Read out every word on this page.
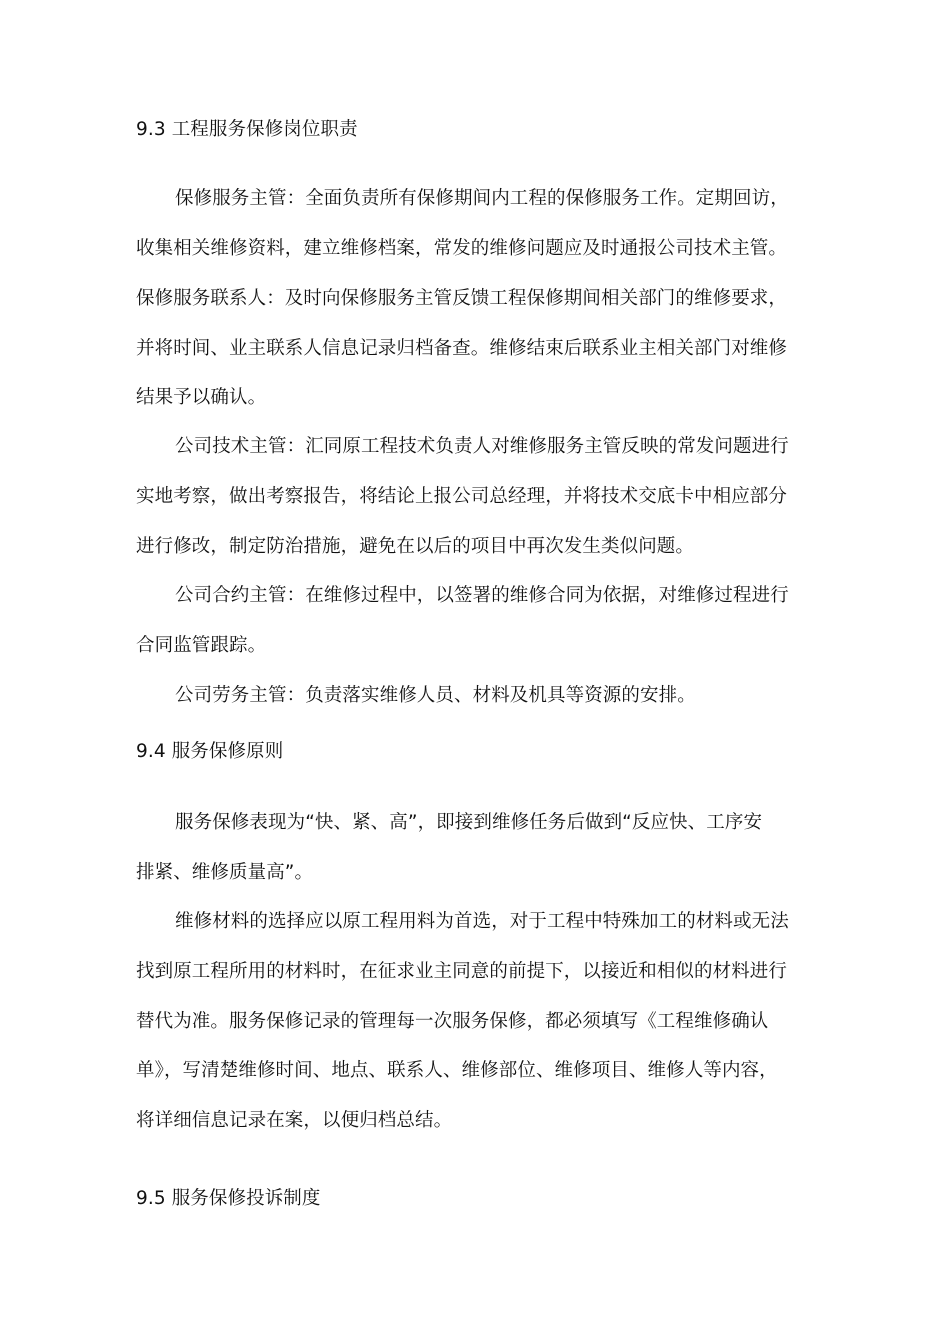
9.3 工程服务保修岗位职责
保修服务主管：全面负责所有保修期间内工程的保修服务工作。定期回访，
收集相关维修资料，建立维修档案，常发的维修问题应及时通报公司技术主管。
保修服务联系人：及时向保修服务主管反馈工程保修期间相关部门的维修要求，
并将时间、业主联系人信息记录归档备查。维修结束后联系业主相关部门对维修
结果予以确认。
公司技术主管：汇同原工程技术负责人对维修服务主管反映的常发问题进行
实地考察，做出考察报告，将结论上报公司总经理，并将技术交底卡中相应部分
进行修改，制定防治措施，避免在以后的项目中再次发生类似问题。
公司合约主管：在维修过程中，以签署的维修合同为依据，对维修过程进行
合同监管跟踪。
公司劳务主管：负责落实维修人员、材料及机具等资源的安排。
9.4 服务保修原则
服务保修表现为“快、紧、高”，即接到维修任务后做到“反应快、工序安
排紧、维修质量高”。
维修材料的选择应以原工程用料为首选，对于工程中特殊加工的材料或无法
找到原工程所用的材料时，在征求业主同意的前提下，以接近和相似的材料进行
替代为准。服务保修记录的管理每一次服务保修，都必须填写《工程维修确认
单》，写清楚维修时间、地点、联系人、维修部位、维修项目、维修人等内容，
将详细信息记录在案，以便归档总结。
9.5 服务保修投诉制度
